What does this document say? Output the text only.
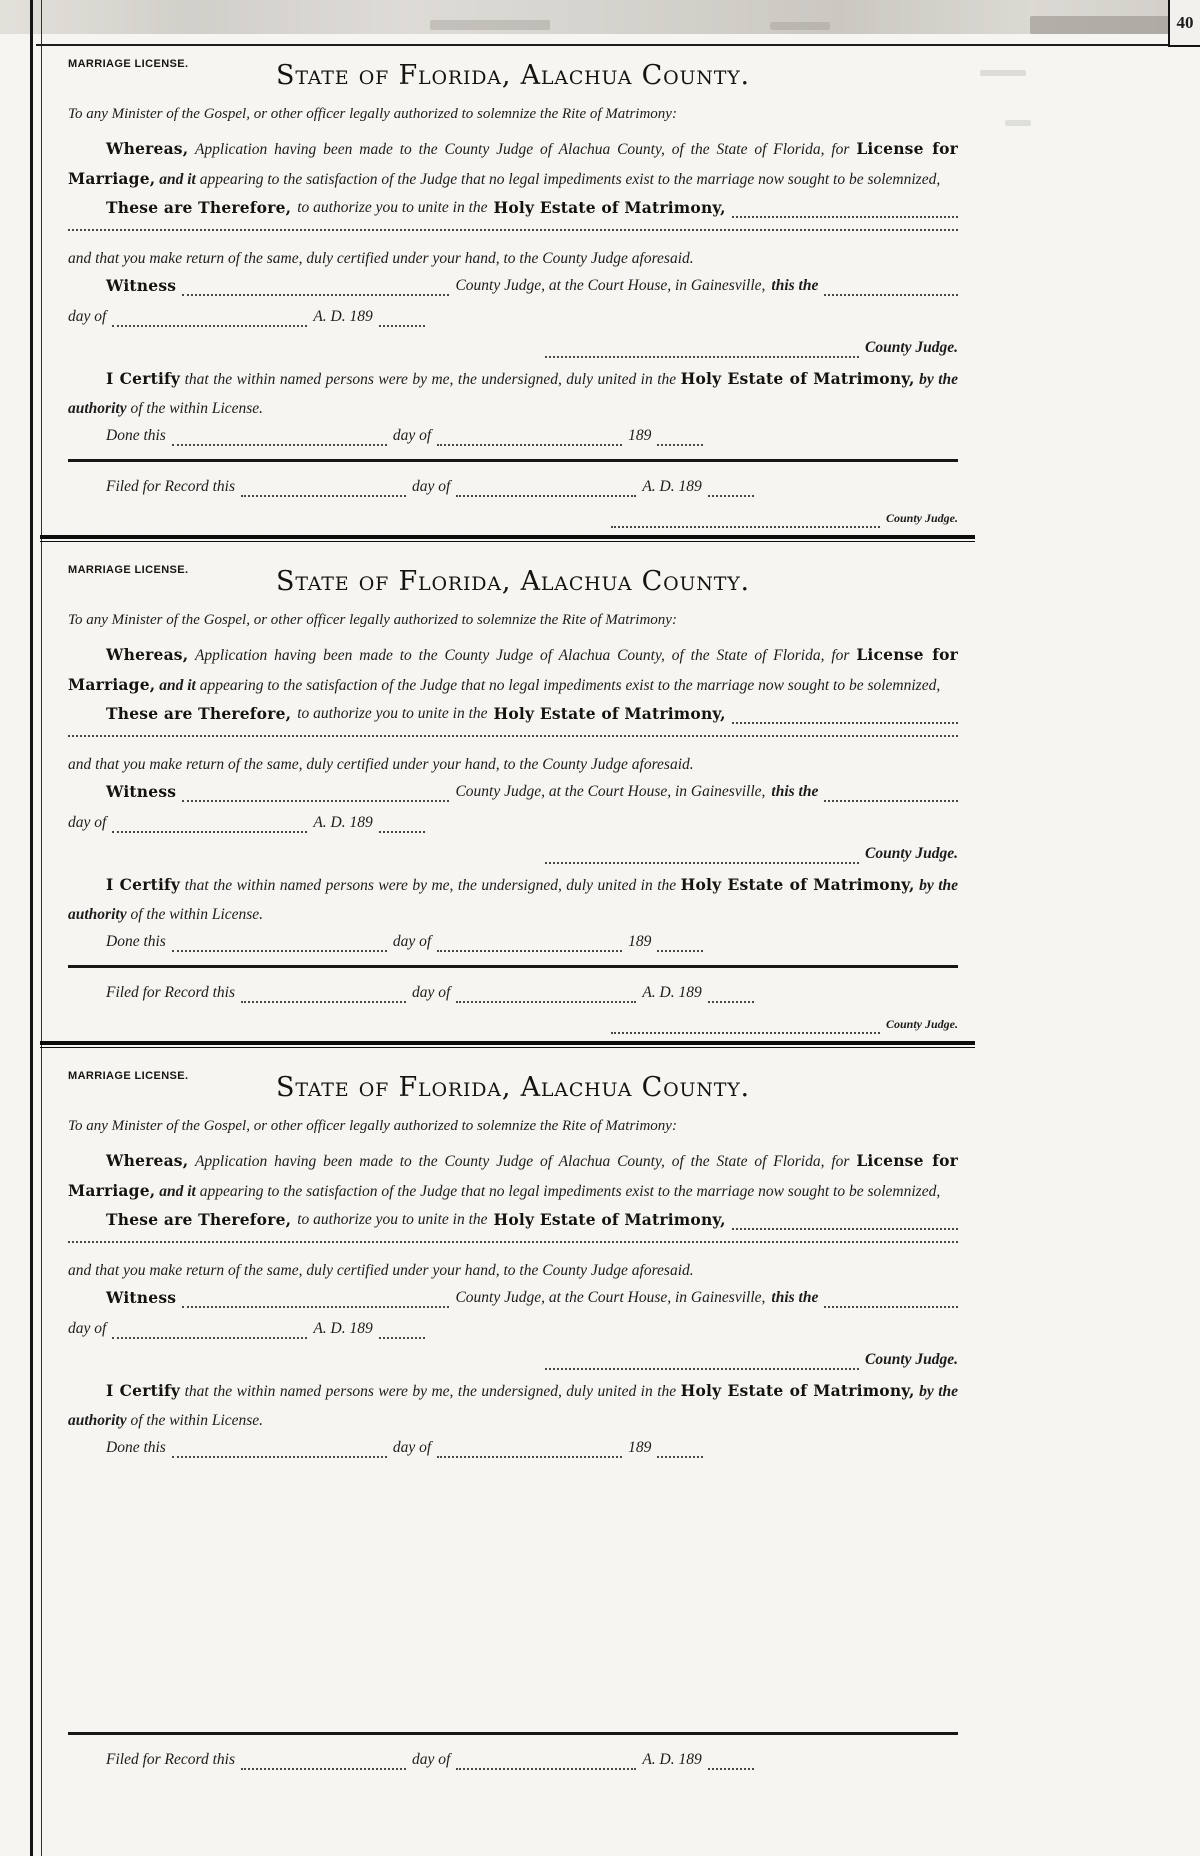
40
MARRIAGE LICENSE.	State of Florida, Alachua County.

To any Minister of the Gospel, or other officer legally authorized to solemnize the Rite of Matrimony:

Whereas, Application having been made to the County Judge of Alachua County, of the State of Florida, for License for Marriage, and it appearing to the satisfaction of the Judge that no legal impediments exist to the marriage now sought to be solemnized,

These are Therefore, to authorize you to unite in the Holy Estate of Matrimony,

and that you make return of the same, duly certified under your hand, to the County Judge aforesaid.

Witness	County Judge, at the Court House, in Gainesville, this the
day of	A. D. 189
County Judge.

I Certify that the within named persons were by me, the undersigned, duly united in the Holy Estate of Matrimony, by the authority of the within License.

Done this	day of	189
Filed for Record this	day of	A. D. 189
County Judge.
MARRIAGE LICENSE.	State of Florida, Alachua County.

To any Minister of the Gospel, or other officer legally authorized to solemnize the Rite of Matrimony:

Whereas, Application having been made to the County Judge of Alachua County, of the State of Florida, for License for Marriage, and it appearing to the satisfaction of the Judge that no legal impediments exist to the marriage now sought to be solemnized,

These are Therefore, to authorize you to unite in the Holy Estate of Matrimony,

and that you make return of the same, duly certified under your hand, to the County Judge aforesaid.

Witness	County Judge, at the Court House, in Gainesville, this the
day of	A. D. 189
County Judge.

I Certify that the within named persons were by me, the undersigned, duly united in the Holy Estate of Matrimony, by the authority of the within License.

Done this	day of	189
Filed for Record this	day of	A. D. 189
County Judge.
MARRIAGE LICENSE.	State of Florida, Alachua County.

To any Minister of the Gospel, or other officer legally authorized to solemnize the Rite of Matrimony:

Whereas, Application having been made to the County Judge of Alachua County, of the State of Florida, for License for Marriage, and it appearing to the satisfaction of the Judge that no legal impediments exist to the marriage now sought to be solemnized,

These are Therefore, to authorize you to unite in the Holy Estate of Matrimony,

and that you make return of the same, duly certified under your hand, to the County Judge aforesaid.

Witness	County Judge, at the Court House, in Gainesville, this the
day of	A. D. 189
County Judge.

I Certify that the within named persons were by me, the undersigned, duly united in the Holy Estate of Matrimony, by the authority of the within License.

Done this	day of	189
Filed for Record this	day of	A. D. 189
